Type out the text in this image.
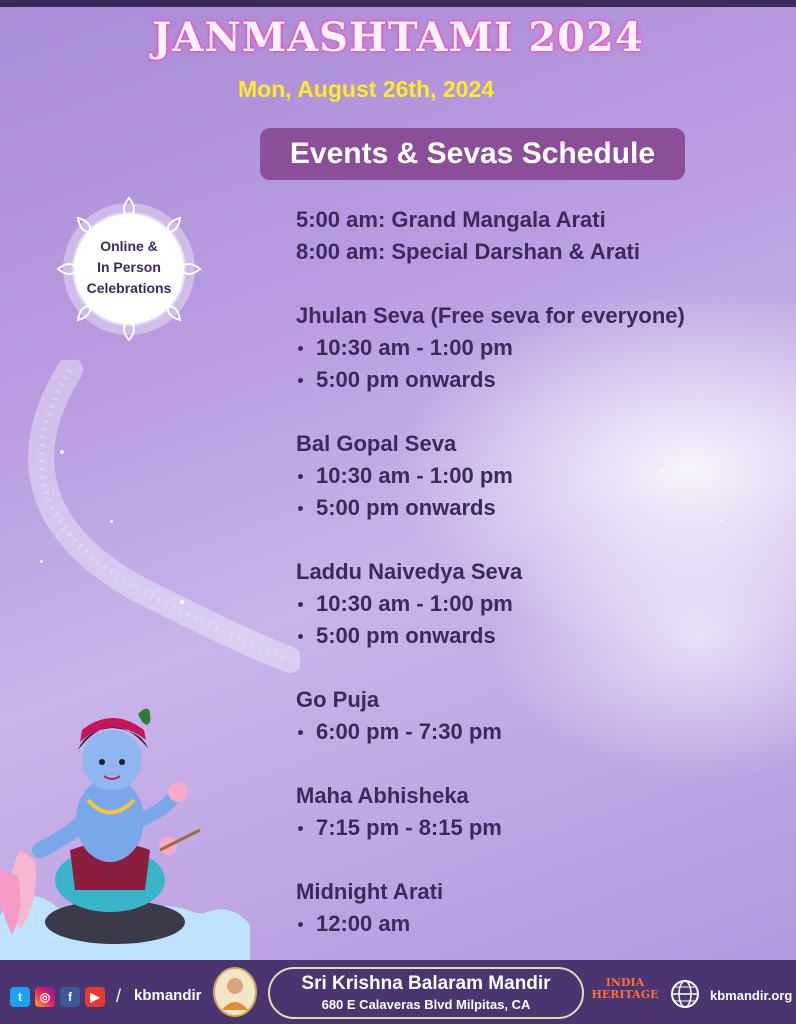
JANMASHTAMI 2024
Mon, August 26th, 2024
Events & Sevas Schedule
Online &
In Person
Celebrations
5:00 am: Grand Mangala Arati
8:00 am: Special Darshan & Arati
Jhulan Seva (Free seva for everyone)
10:30 am - 1:00 pm
5:00 pm onwards
Bal Gopal Seva
10:30 am - 1:00 pm
5:00 pm onwards
Laddu Naivedya Seva
10:30 am - 1:00 pm
5:00 pm onwards
Go Puja
6:00 pm - 7:30 pm
Maha Abhisheka
7:15 pm - 8:15 pm
Midnight Arati
12:00 am
t	◎	f	▶ / kbmandir
Sri Krishna Balaram Mandir
680 E Calaveras Blvd Milpitas, CA
INDIA
HERITAGE	kbmandir.org
